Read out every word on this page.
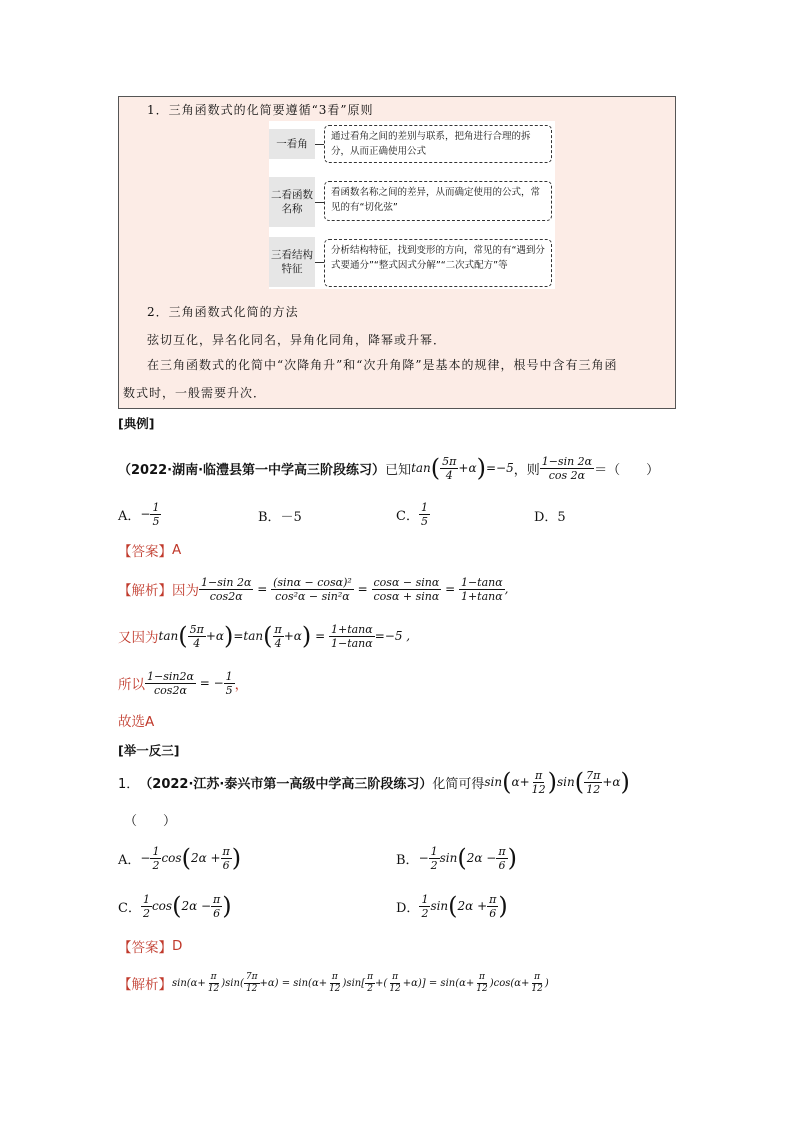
1．三角函数式的化简要遵循“3看”原则
一看角
通过看角之间的差别与联系，把角进行合理的拆分，从而正确使用公式
二看函数名称
看函数名称之间的差异，从而确定使用的公式，常见的有“切化弦”
三看结构特征
分析结构特征，找到变形的方向，常见的有“遇到分式要通分”“整式因式分解”“二次式配方”等
2．三角函数式化简的方法
弦切互化，异名化同名，异角化同角，降幂或升幂．
在三角函数式的化简中“次降角升”和“次升角降”是基本的规律，根号中含有三角函
数式时，一般需要升次．
[典例]
（2022·湖南·临澧县第一中学高三阶段练习） 已知 tan ( $\frac{5\pi}{4} +\alpha$ ) =−5 ，则 $\frac{1-\sin 2\alpha}{\cos 2\alpha}$ ＝（　　）
A． − $\frac{1}{5}$	B．－5	C． $\frac{1}{5}$	D．5
【答案】 A
【解析】 因为 $\frac{1-\sin 2\alpha}{\cos 2\alpha} = \frac{\text{(sinα − cosα)²}}{\text{cos²α − sin²α}} = \frac{\cos\alpha - \sin\alpha}{\cos\alpha + \sin\alpha} = \frac{1-\tan\alpha}{1+\tan\alpha}$ ,
又因为 tan ( $\frac{5\pi}{4} +\alpha$ ) =tan ( $\frac{\pi}{4} +\alpha$ ) = $\frac{1+\tan\alpha}{1-\tan\alpha} =-5$ ,
所以 $\frac{1-\sin 2\alpha}{\cos 2\alpha}$ = − $\frac{1}{5}$ ，
故选A
[举一反三]
1． （2022·江苏·泰兴市第一高级中学高三阶段练习） 化简可得 sin ( $\alpha+ \frac{\pi}{12}$ ) sin ( $\frac{7\pi}{12} +\alpha$ )
（　　）
A． − $\frac{1}{2}$ cos ( $2\alpha + \frac{\pi}{6}$ )	B． − $\frac{1}{2}$ sin ( $2\alpha - \frac{\pi}{6}$ )
C． $\frac{1}{2}$ cos ( $2\alpha - \frac{\pi}{6}$ )	D． $\frac{1}{2}$ sin ( $2\alpha + \frac{\pi}{6}$ )
【答案】 D
【解析】 $\sin(\alpha+ \frac{\pi}{12} )\sin( \frac{7\pi}{12} +\alpha) = \sin(\alpha+ \frac{\pi}{12} )\sin[ \frac{\pi}{2}$ +( $\frac{\pi}{12} +\alpha)] = \sin(\alpha+ \frac{\pi}{12} )\cos(\alpha+ \frac{\pi}{12}$ )
